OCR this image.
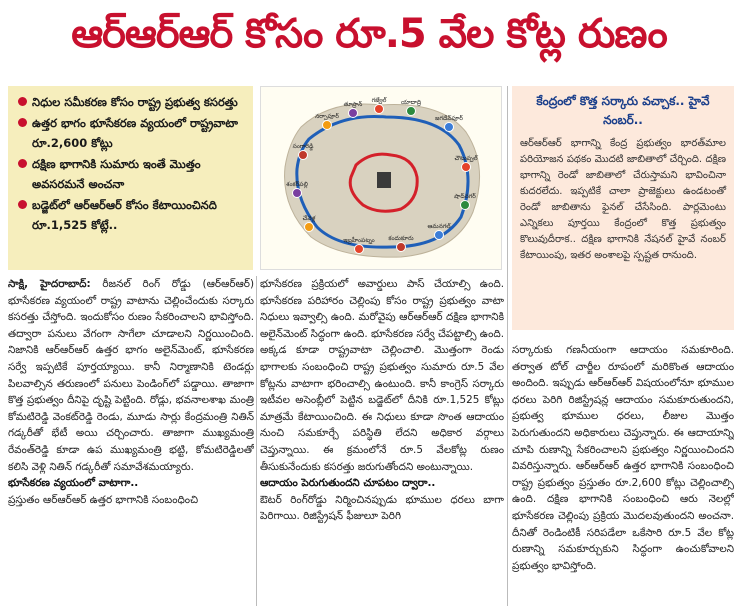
ఆర్‌ఆర్‌ఆర్ కోసం రూ.5 వేల కోట్ల రుణం
నిధుల సమీకరణ కోసం రాష్ట్ర ప్రభుత్వ కసరత్తు
ఉత్తర భాగం భూసేకరణ వ్యయంలో రాష్ట్రవాటా రూ.2,600 కోట్లు
దక్షిణ భాగానికి సుమారు ఇంతే మొత్తం అవసరమనే అంచనా
బడ్జెట్‌లో ఆర్‌ఆర్‌ఆర్ కోసం కేటాయించినది రూ.1,525 కోట్లే..
గజ్వేల్
తూప్రాన్	యాదాద్రి
నర్సాపూర్	జగదేవ్‌పూర్
సంగారెడ్డి
చౌటుప్పల్
శంకర్‌పల్లి
షాద్‌నగర్
చేవెళ్ల
ఆమనగల్
కందుకూరు
ఇబ్రహీంపట్నం
కేంద్రంలో కొత్త సర్కారు వచ్చాక.. హైవే నంబర్..
ఆర్‌ఆర్‌ఆర్ భాగాన్ని కేంద్ర ప్రభుత్వం భారత్‌మాల పరియోజన పథకం మొదటి జాబితాలో చేర్చింది. దక్షిణ భాగాన్ని రెండో జాబితాలో చేరుస్తామని భావించినా కుదరలేదు. ఇప్పటికే చాలా ప్రాజెక్టులు ఉండటంతో రెండో జాబితాను ఫైనల్ చేసేసింది. పార్లమెంటు ఎన్నికలు పూర్తయి కేంద్రంలో కొత్త ప్రభుత్వం కొలువుదీరాక.. దక్షిణ భాగానికి నేషనల్ హైవే నంబర్ కేటాయింపు, ఇతర అంశాలపై స్పష్టత రానుంది.

సాక్షి, హైదరాబాద్: రీజనల్ రింగ్ రోడ్డు (ఆర్‌ఆర్‌ఆర్) భూసేకరణ వ్యయంలో రాష్ట్ర వాటాను చెల్లించేందుకు సర్కారు కసరత్తు చేస్తోంది. ఇందుకోసం రుణం సేకరించాలని భావిస్తోంది. తద్వారా పనులు వేగంగా సాగేలా చూడాలని నిర్ణయించింది. నిజానికి ఆర్‌ఆర్‌ఆర్ ఉత్తర భాగం అలైన్‌మెంట్, భూసేకరణ సర్వే ఇప్పటికే పూర్తయ్యాయి. కానీ నిర్మాణానికి టెండర్లు పిలవాల్సిన తరుణంలో పనులు పెండింగ్‌లో పడ్డాయి. తాజాగా కొత్త ప్రభుత్వం దీనిపై దృష్టి పెట్టింది. రోడ్లు, భవనాలశాఖ మంత్రి కోమటిరెడ్డి వెంకట్‌రెడ్డి రెండు, మూడు సార్లు కేంద్రమంత్రి నితిన్ గడ్కరీతో భేటీ అయి చర్చించారు. తాజాగా ముఖ్యమంత్రి రేవంత్‌రెడ్డి కూడా ఉప ముఖ్యమంత్రి భట్టి, కోమటిరెడ్డిలతో కలిసి వెళ్లి నితిన్ గడ్కరీతో సమావేశమయ్యారు.

భూసేకరణ వ్యయంలో వాటాగా..

ప్రస్తుతం ఆర్‌ఆర్‌ఆర్ ఉత్తర భాగానికి సంబంధించి

భూసేకరణ ప్రక్రియలో అవార్డులు పాస్ చేయాల్సి ఉంది. భూసేకరణ పరిహారం చెల్లింపు కోసం రాష్ట్ర ప్రభుత్వం వాటా నిధులు ఇవ్వాల్సి ఉంది. మరోవైపు ఆర్‌ఆర్‌ఆర్ దక్షిణ భాగానికి అలైన్‌మెంట్ సిద్ధంగా ఉంది. భూసేకరణ సర్వే చేపట్టాల్సి ఉంది. అక్కడ కూడా రాష్ట్రవాటా చెల్లించాలి. మొత్తంగా రెండు భాగాలకు సంబంధించి రాష్ట్ర ప్రభుత్వం సుమారు రూ.5 వేల కోట్లను వాటాగా భరించాల్సి ఉంటుంది. కానీ కాంగ్రెస్ సర్కారు ఇటీవల అసెంబ్లీలో పెట్టిన బడ్జెట్‌లో దీనికి రూ.1,525 కోట్లు మాత్రమే కేటాయించింది. ఈ నిధులు కూడా సొంత ఆదాయం నుంచి సమకూర్చే పరిస్థితి లేదని అధికార వర్గాలు చెప్తున్నాయి. ఈ క్రమంలోనే రూ.5 వేలకోట్ల రుణం తీసుకునేందుకు కసరత్తు జరుగుతోందని అంటున్నాయి.

ఆదాయం పెరుగుతుందని చూపటం ద్వారా..

ఔటర్ రింగ్‌రోడ్డు నిర్మించినప్పుడు భూముల ధరలు బాగా పెరిగాయి. రిజిస్ట్రేషన్ ఫీజులూ పెరిగి

సర్కారుకు గణనీయంగా ఆదాయం సమకూరింది. తర్వాత టోల్ చార్జీల రూపంలో మరికొంత ఆదాయం అందింది. ఇప్పుడు ఆర్‌ఆర్‌ఆర్ విషయంలోనూ భూముల ధరలు పెరిగి రిజిస్ట్రేషన్ల ఆదాయం సమకూరుతుందని, ప్రభుత్వ భూముల ధరలు, లీజుల మొత్తం పెరుగుతుందని అధికారులు చెప్తున్నారు. ఈ ఆదాయాన్ని చూపి రుణాన్ని సేకరించాలని ప్రభుత్వం నిర్ణయించిందని వివరిస్తున్నారు. ఆర్‌ఆర్‌ఆర్ ఉత్తర భాగానికి సంబంధించి రాష్ట్ర ప్రభుత్వం ప్రస్తుతం రూ.2,600 కోట్లు చెల్లించాల్సి ఉంది. దక్షిణ భాగానికి సంబంధించి ఆరు నెలల్లో భూసేకరణ చెల్లింపు ప్రక్రియ మొదలవుతుందని అంచనా. దీనితో రెండింటికీ సరిపడేలా ఒకేసారి రూ.5 వేల కోట్ల రుణాన్ని సమకూర్చుకుని సిద్ధంగా ఉంచుకోవాలని ప్రభుత్వం భావిస్తోంది.
